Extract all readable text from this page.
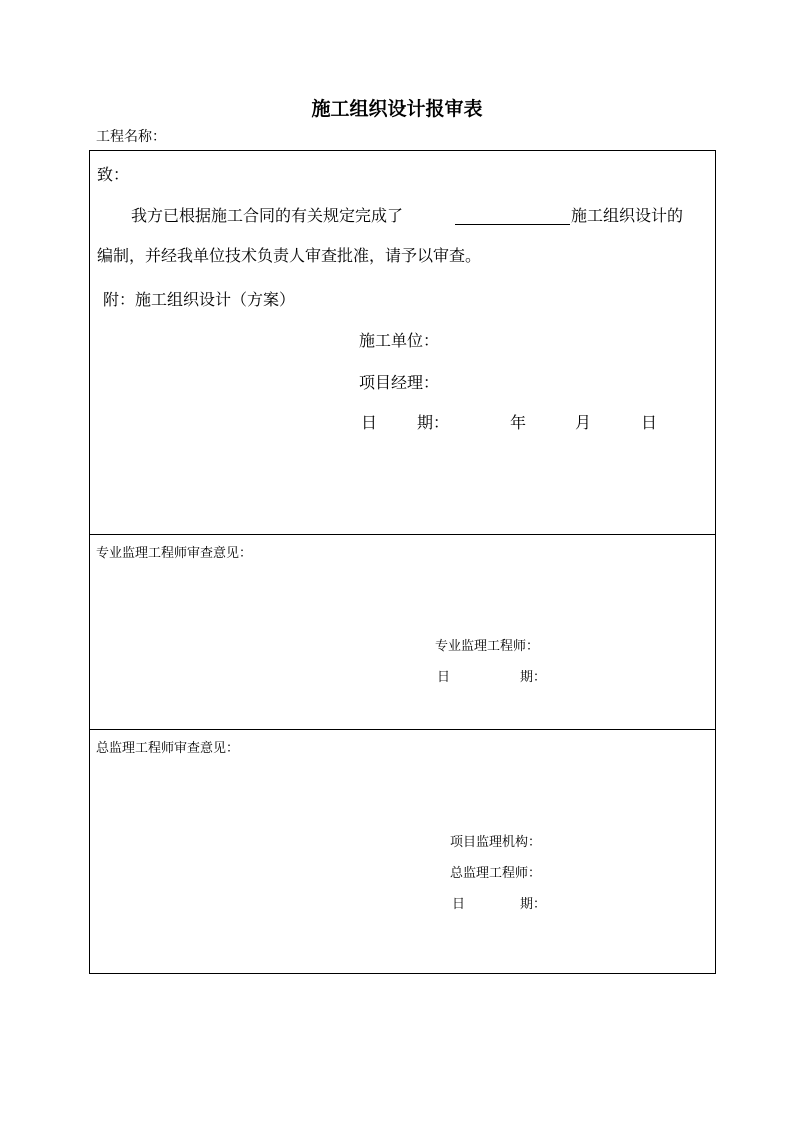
施工组织设计报审表
工程名称：
致：
我方已根据施工合同的有关规定完成了	施工组织设计的
编制，并经我单位技术负责人审查批准，请予以审查。
附：施工组织设计（方案）
施工单位：
项目经理：
日 期：	年	月	日
专业监理工程师审查意见：
专业监理工程师：
日	期：
总监理工程师审查意见：
项目监理机构：
总监理工程师：
日	期：
